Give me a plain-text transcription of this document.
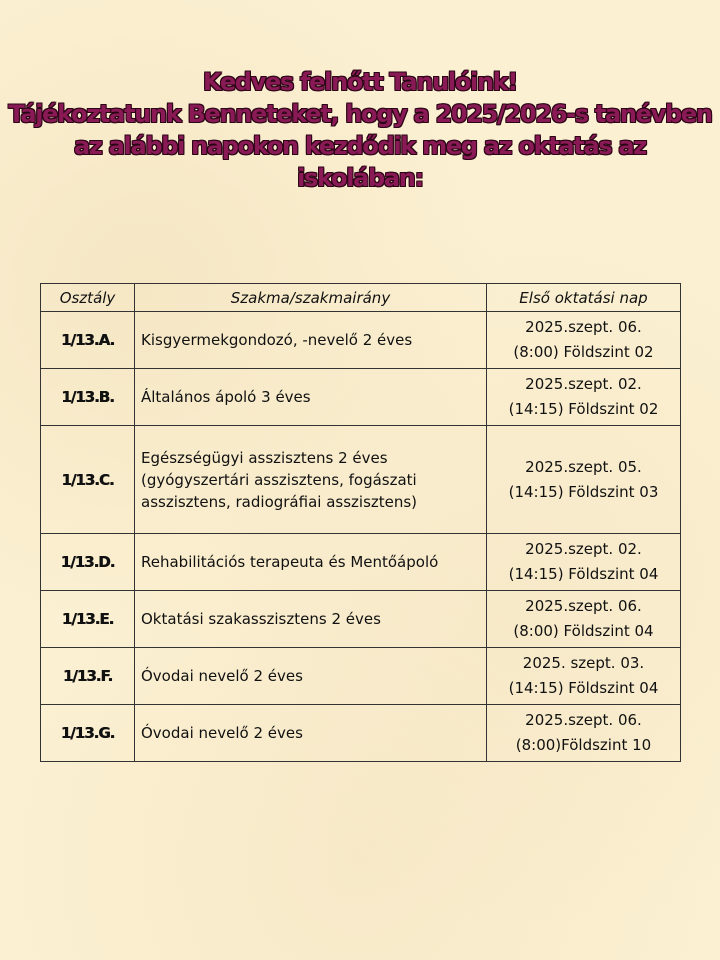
Kedves felnőtt Tanulóink!
Tájékoztatunk Benneteket, hogy a 2025/2026-s tanévben
az alábbi napokon kezdődik meg az oktatás az
iskolában:
Osztály	Szakma/szakmairány	Első oktatási nap
1/13.A.	Kisgyermekgondozó, -nevelő 2 éves	2025.szept. 06.
(8:00) Földszint 02

1/13.B.	Általános ápoló 3 éves	2025.szept. 02.
(14:15) Földszint 02

1/13.C.	Egészségügyi asszisztens 2 éves (gyógyszertári asszisztens, fogászati asszisztens, radiográfiai asszisztens)	2025.szept. 05.
(14:15) Földszint 03

1/13.D.	Rehabilitációs terapeuta és Mentőápoló	2025.szept. 02.
(14:15) Földszint 04

1/13.E.	Oktatási szakasszisztens 2 éves	2025.szept. 06.
(8:00) Földszint 04

1/13.F.	Óvodai nevelő 2 éves	2025. szept. 03.
(14:15) Földszint 04

1/13.G.	Óvodai nevelő 2 éves	2025.szept. 06.
(8:00)Földszint 10
